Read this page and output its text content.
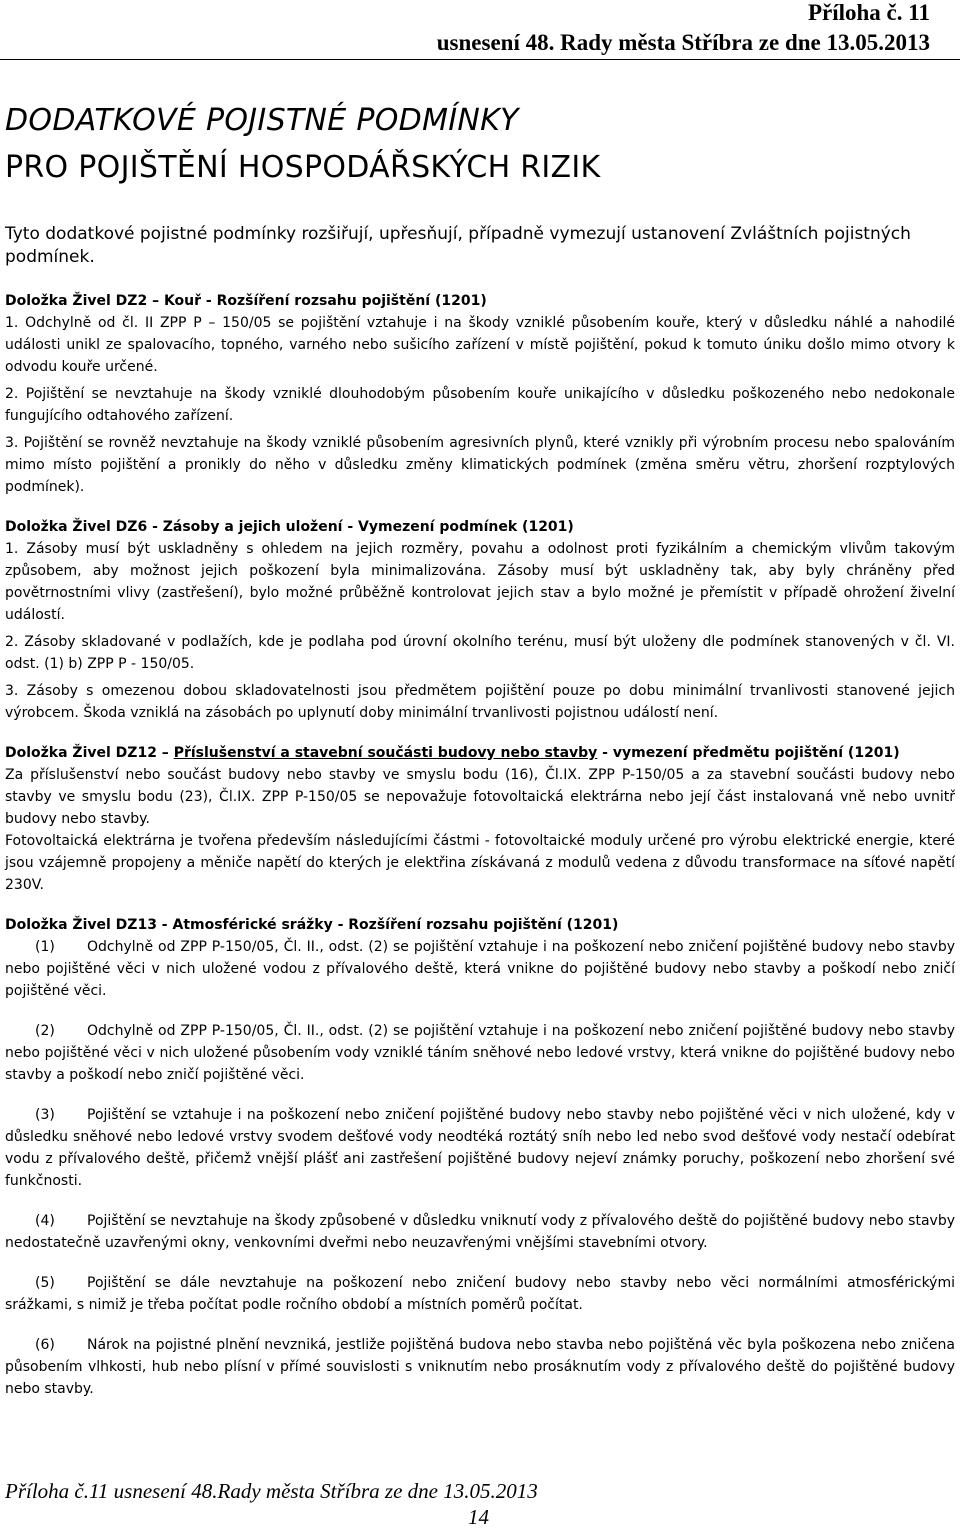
Příloha č. 11
usnesení 48. Rady města Stříbra ze dne 13.05.2013
DODATKOVÉ POJISTNÉ PODMÍNKY
PRO POJIŠTĚNÍ HOSPODÁŘSKÝCH RIZIK
Tyto dodatkové pojistné podmínky rozšiřují, upřesňují, případně vymezují ustanovení Zvláštních pojistných podmínek.
Doložka Živel DZ2 – Kouř - Rozšíření rozsahu pojištění (1201)
1. Odchylně od čl. II ZPP P – 150/05 se pojištění vztahuje i na škody vzniklé působením kouře, který v důsledku náhlé a nahodilé události unikl ze spalovacího, topného, varného nebo sušicího zařízení v místě pojištění, pokud k tomuto úniku došlo mimo otvory k odvodu kouře určené.
2. Pojištění se nevztahuje na škody vzniklé dlouhodobým působením kouře unikajícího v důsledku poškozeného nebo nedokonale fungujícího odtahového zařízení.
3. Pojištění se rovněž nevztahuje na škody vzniklé působením agresivních plynů, které vznikly při výrobním procesu nebo spalováním mimo místo pojištění a pronikly do něho v důsledku změny klimatických podmínek (změna směru větru, zhoršení rozptylových podmínek).
Doložka Živel DZ6 - Zásoby a jejich uložení - Vymezení podmínek (1201)
1. Zásoby musí být uskladněny s ohledem na jejich rozměry, povahu a odolnost proti fyzikálním a chemickým vlivům takovým způsobem, aby možnost jejich poškození byla minimalizována. Zásoby musí být uskladněny tak, aby byly chráněny před povětrnostními vlivy (zastřešení), bylo možné průběžně kontrolovat jejich stav a bylo možné je přemístit v případě ohrožení živelní událostí.
2. Zásoby skladované v podlažích, kde je podlaha pod úrovní okolního terénu, musí být uloženy dle podmínek stanovených v čl. VI. odst. (1) b) ZPP P - 150/05.
3. Zásoby s omezenou dobou skladovatelnosti jsou předmětem pojištění pouze po dobu minimální trvanlivosti stanovené jejich výrobcem. Škoda vzniklá na zásobách po uplynutí doby minimální trvanlivosti pojistnou událostí není.
Doložka Živel DZ12 – Příslušenství a stavební součásti budovy nebo stavby - vymezení předmětu pojištění (1201)
Za příslušenství nebo součást budovy nebo stavby ve smyslu bodu (16), Čl.IX. ZPP P-150/05 a za stavební součásti budovy nebo stavby ve smyslu bodu (23), Čl.IX. ZPP P-150/05 se nepovažuje fotovoltaická elektrárna nebo její část instalovaná vně nebo uvnitř budovy nebo stavby.
Fotovoltaická elektrárna je tvořena především následujícími částmi - fotovoltaické moduly určené pro výrobu elektrické energie, které jsou vzájemně propojeny a měniče napětí do kterých je elektřina získávaná z modulů vedena z důvodu transformace na síťové napětí 230V.
Doložka Živel DZ13 - Atmosférické srážky - Rozšíření rozsahu pojištění (1201)
(1) Odchylně od ZPP P-150/05, Čl. II., odst. (2) se pojištění vztahuje i na poškození nebo zničení pojištěné budovy nebo stavby nebo pojištěné věci v nich uložené vodou z přívalového deště, která vnikne do pojištěné budovy nebo stavby a poškodí nebo zničí pojištěné věci.
(2) Odchylně od ZPP P-150/05, Čl. II., odst. (2) se pojištění vztahuje i na poškození nebo zničení pojištěné budovy nebo stavby nebo pojištěné věci v nich uložené působením vody vzniklé táním sněhové nebo ledové vrstvy, která vnikne do pojištěné budovy nebo stavby a poškodí nebo zničí pojištěné věci.
(3) Pojištění se vztahuje i na poškození nebo zničení pojištěné budovy nebo stavby nebo pojištěné věci v nich uložené, kdy v důsledku sněhové nebo ledové vrstvy svodem dešťové vody neodtéká roztátý sníh nebo led nebo svod dešťové vody nestačí odebírat vodu z přívalového deště, přičemž vnější plášť ani zastřešení pojištěné budovy nejeví známky poruchy, poškození nebo zhoršení své funkčnosti.
(4) Pojištění se nevztahuje na škody způsobené v důsledku vniknutí vody z přívalového deště do pojištěné budovy nebo stavby nedostatečně uzavřenými okny, venkovními dveřmi nebo neuzavřenými vnějšími stavebními otvory.
(5) Pojištění se dále nevztahuje na poškození nebo zničení budovy nebo stavby nebo věci normálními atmosférickými srážkami, s nimiž je třeba počítat podle ročního období a místních poměrů počítat.
(6) Nárok na pojistné plnění nevzniká, jestliže pojištěná budova nebo stavba nebo pojištěná věc byla poškozena nebo zničena působením vlhkosti, hub nebo plísní v přímé souvislosti s vniknutím nebo prosáknutím vody z přívalového deště do pojištěné budovy nebo stavby.
Příloha č.11 usnesení 48.Rady města Stříbra ze dne 13.05.2013
14
